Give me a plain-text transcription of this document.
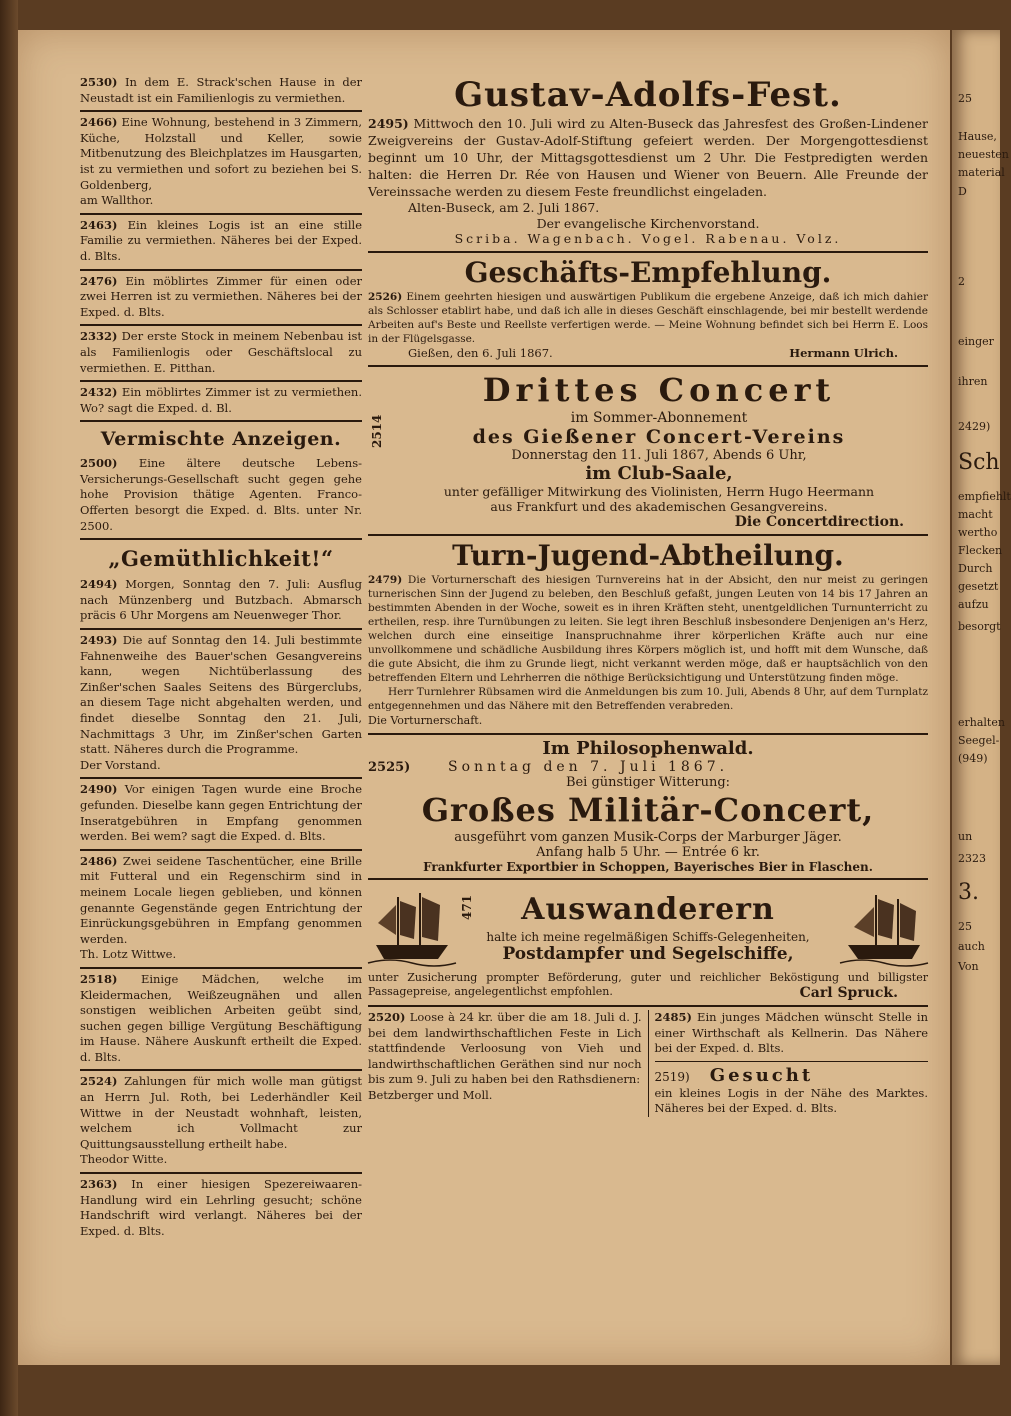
2530) In dem E. Strack'schen Hause in der Neustadt ist ein Familienlogis zu vermiethen.
2466) Eine Wohnung, bestehend in 3 Zimmern, Küche, Holzstall und Keller, sowie Mitbenutzung des Bleichplatzes im Hausgarten, ist zu vermiethen und sofort zu beziehen bei S. Goldenberg,
am Wallthor.
2463) Ein kleines Logis ist an eine stille Familie zu vermiethen. Näheres bei der Exped. d. Blts.
2476) Ein möblirtes Zimmer für einen oder zwei Herren ist zu vermiethen. Näheres bei der Exped. d. Blts.
2332) Der erste Stock in meinem Nebenbau ist als Familienlogis oder Geschäftslocal zu vermiethen. E. Pitthan.
2432) Ein möblirtes Zimmer ist zu vermiethen. Wo? sagt die Exped. d. Bl.
Vermischte Anzeigen.
2500) Eine ältere deutsche Lebens-Versicherungs-Gesellschaft sucht gegen gehe hohe Provision thätige Agenten. Franco-Offerten besorgt die Exped. d. Blts. unter Nr. 2500.
„Gemüthlichkeit!“
2494) Morgen, Sonntag den 7. Juli: Ausflug nach Münzenberg und Butzbach. Abmarsch präcis 6 Uhr Morgens am Neuenweger Thor.
2493) Die auf Sonntag den 14. Juli bestimmte Fahnenweihe des Bauer'schen Gesangvereins kann, wegen Nichtüberlassung des Zinßer'schen Saales Seitens des Bürgerclubs, an diesem Tage nicht abgehalten werden, und findet dieselbe Sonntag den 21. Juli, Nachmittags 3 Uhr, im Zinßer'schen Garten statt. Näheres durch die Programme.
Der Vorstand.
2490) Vor einigen Tagen wurde eine Broche gefunden. Dieselbe kann gegen Entrichtung der Inseratgebühren in Empfang genommen werden. Bei wem? sagt die Exped. d. Blts.
2486) Zwei seidene Taschentücher, eine Brille mit Futteral und ein Regenschirm sind in meinem Locale liegen geblieben, und können genannte Gegenstände gegen Entrichtung der Einrückungsgebühren in Empfang genommen werden.
Th. Lotz Wittwe.
2518) Einige Mädchen, welche im Kleidermachen, Weißzeugnähen und allen sonstigen weiblichen Arbeiten geübt sind, suchen gegen billige Vergütung Beschäftigung im Hause. Nähere Auskunft ertheilt die Exped. d. Blts.
2524) Zahlungen für mich wolle man gütigst an Herrn Jul. Roth, bei Lederhändler Keil Wittwe in der Neustadt wohnhaft, leisten, welchem ich Vollmacht zur Quittungsausstellung ertheilt habe.
Theodor Witte.
2363) In einer hiesigen Spezereiwaaren-Handlung wird ein Lehrling gesucht; schöne Handschrift wird verlangt. Näheres bei der Exped. d. Blts.
Gustav-Adolfs-Fest.
2495) Mittwoch den 10. Juli wird zu Alten-Buseck das Jahresfest des Großen-Lindener Zweigvereins der Gustav-Adolf-Stiftung gefeiert werden. Der Morgengottesdienst beginnt um 10 Uhr, der Mittagsgottesdienst um 2 Uhr. Die Festpredigten werden halten: die Herren Dr. Rée von Hausen und Wiener von Beuern. Alle Freunde der Vereinssache werden zu diesem Feste freundlichst eingeladen.
Alten-Buseck, am 2. Juli 1867.
Der evangelische Kirchenvorstand.
Scriba. Wagenbach. Vogel. Rabenau. Volz.
Geschäfts-Empfehlung.
2526) Einem geehrten hiesigen und auswärtigen Publikum die ergebene Anzeige, daß ich mich dahier als Schlosser etablirt habe, und daß ich alle in dieses Geschäft einschlagende, bei mir bestellt werdende Arbeiten auf's Beste und Reellste verfertigen werde. — Meine Wohnung befindet sich bei Herrn E. Loos in der Flügelsgasse.
Gießen, den 6. Juli 1867.	Hermann Ulrich.
2514
Drittes Concert
im Sommer-Abonnement
des Gießener Concert-Vereins
Donnerstag den 11. Juli 1867, Abends 6 Uhr,
im Club-Saale,
unter gefälliger Mitwirkung des Violinisten, Herrn Hugo Heermann
aus Frankfurt und des akademischen Gesangvereins.
Die Concertdirection.
Turn-Jugend-Abtheilung.
2479) Die Vorturnerschaft des hiesigen Turnvereins hat in der Absicht, den nur meist zu geringen turnerischen Sinn der Jugend zu beleben, den Beschluß gefaßt, jungen Leuten von 14 bis 17 Jahren an bestimmten Abenden in der Woche, soweit es in ihren Kräften steht, unentgeldlichen Turnunterricht zu ertheilen, resp. ihre Turnübungen zu leiten. Sie legt ihren Beschluß insbesondere Denjenigen an's Herz, welchen durch eine einseitige Inanspruchnahme ihrer körperlichen Kräfte auch nur eine unvollkommene und schädliche Ausbildung ihres Körpers möglich ist, und hofft mit dem Wunsche, daß die gute Absicht, die ihm zu Grunde liegt, nicht verkannt werden möge, daß er hauptsächlich von den betreffenden Eltern und Lehrherren die nöthige Berücksichtigung und Unterstützung finden möge.
Herr Turnlehrer Rübsamen wird die Anmeldungen bis zum 10. Juli, Abends 8 Uhr, auf dem Turnplatz entgegennehmen und das Nähere mit den Betreffenden verabreden.
Die Vorturnerschaft.
Im Philosophenwald.
2525)	Sonntag den 7. Juli 1867.
Bei günstiger Witterung:
Großes Militär-Concert,
ausgeführt vom ganzen Musik-Corps der Marburger Jäger.
Anfang halb 5 Uhr. — Entrée 6 kr.
Frankfurter Exportbier in Schoppen, Bayerisches Bier in Flaschen.
471	Auswanderern
halte ich meine regelmäßigen Schiffs-Gelegenheiten,
Postdampfer und Segelschiffe,
unter Zusicherung prompter Beförderung, guter und reichlicher Beköstigung und billigster Passagepreise, angelegentlichst empfohlen.	Carl Spruck.
2520) Loose à 24 kr. über die am 18. Juli d. J. bei dem landwirthschaftlichen Feste in Lich stattfindende Verloosung von Vieh und landwirthschaftlichen Geräthen sind nur noch bis zum 9. Juli zu haben bei den Rathsdienern:
Betzberger und Moll.
2485) Ein junges Mädchen wünscht Stelle in einer Wirthschaft als Kellnerin. Das Nähere bei der Exped. d. Blts.
2519) Gesucht
ein kleines Logis in der Nähe des Marktes. Näheres bei der Exped. d. Blts.
25
Hause,
neuesten
material
D
2
einger
ihren
2429)
Sch
empfiehlt
macht
wertho
Flecken
Durch
gesetzt
aufzu
besorgt
erhalten
Seegel-
(949)
un
2323
3.
25
auch
Von
